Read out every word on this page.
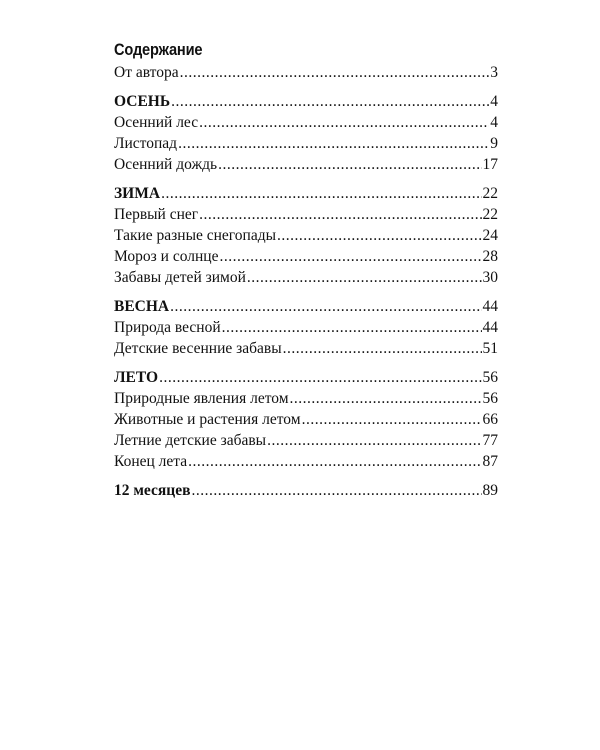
Содержание
От автора .....	3
ОСЕНЬ .....	4
Осенний лес .....	4
Листопад .....	9
Осенний дождь .....	17
ЗИМА .....	22
Первый снег .....	22
Такие разные снегопады .....	24
Мороз и солнце .....	28
Забавы детей зимой .....	30
ВЕСНА .....	44
Природа весной .....	44
Детские весенние забавы .....	51
ЛЕТО .....	56
Природные явления летом .....	56
Животные и растения летом .....	66
Летние детские забавы .....	77
Конец лета .....	87
12 месяцев .....	89
